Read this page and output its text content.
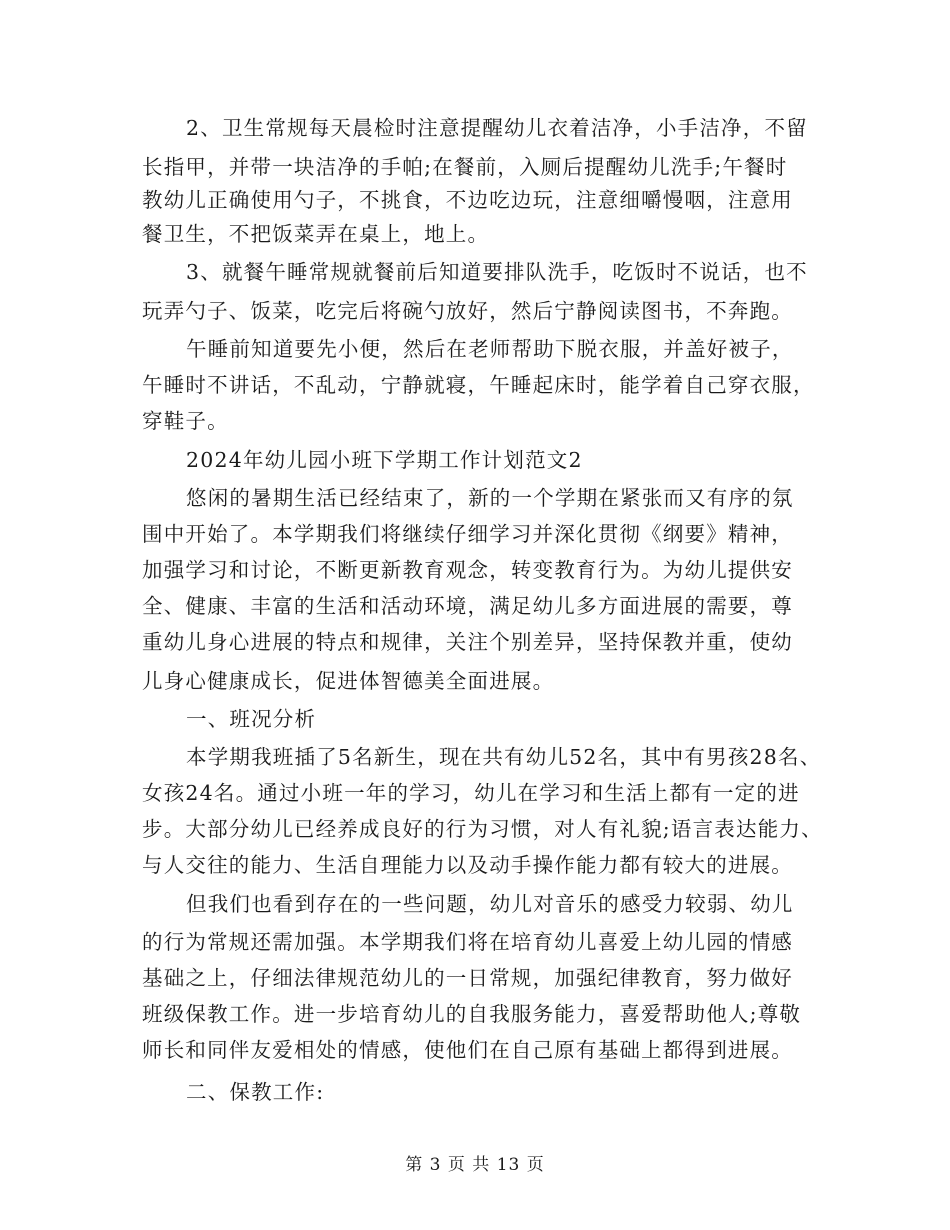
2、卫生常规每天晨检时注意提醒幼儿衣着洁净，小手洁净，不留
长指甲，并带一块洁净的手帕;在餐前，入厕后提醒幼儿洗手;午餐时
教幼儿正确使用勺子，不挑食，不边吃边玩，注意细嚼慢咽，注意用
餐卫生，不把饭菜弄在桌上，地上。
3、就餐午睡常规就餐前后知道要排队洗手，吃饭时不说话，也不
玩弄勺子、饭菜，吃完后将碗勺放好，然后宁静阅读图书，不奔跑。
午睡前知道要先小便，然后在老师帮助下脱衣服，并盖好被子，
午睡时不讲话，不乱动，宁静就寝，午睡起床时，能学着自己穿衣服，
穿鞋子。
2024年幼儿园小班下学期工作计划范文2
悠闲的暑期生活已经结束了，新的一个学期在紧张而又有序的氛
围中开始了。本学期我们将继续仔细学习并深化贯彻《纲要》精神，
加强学习和讨论，不断更新教育观念，转变教育行为。为幼儿提供安
全、健康、丰富的生活和活动环境，满足幼儿多方面进展的需要，尊
重幼儿身心进展的特点和规律，关注个别差异，坚持保教并重，使幼
儿身心健康成长，促进体智德美全面进展。
一、班况分析
本学期我班插了5名新生，现在共有幼儿52名，其中有男孩28名、
女孩24名。通过小班一年的学习，幼儿在学习和生活上都有一定的进
步。大部分幼儿已经养成良好的行为习惯，对人有礼貌;语言表达能力、
与人交往的能力、生活自理能力以及动手操作能力都有较大的进展。
但我们也看到存在的一些问题，幼儿对音乐的感受力较弱、幼儿
的行为常规还需加强。本学期我们将在培育幼儿喜爱上幼儿园的情感
基础之上，仔细法律规范幼儿的一日常规，加强纪律教育，努力做好
班级保教工作。进一步培育幼儿的自我服务能力，喜爱帮助他人;尊敬
师长和同伴友爱相处的情感，使他们在自己原有基础上都得到进展。
二、保教工作:
第 3 页 共 13 页
